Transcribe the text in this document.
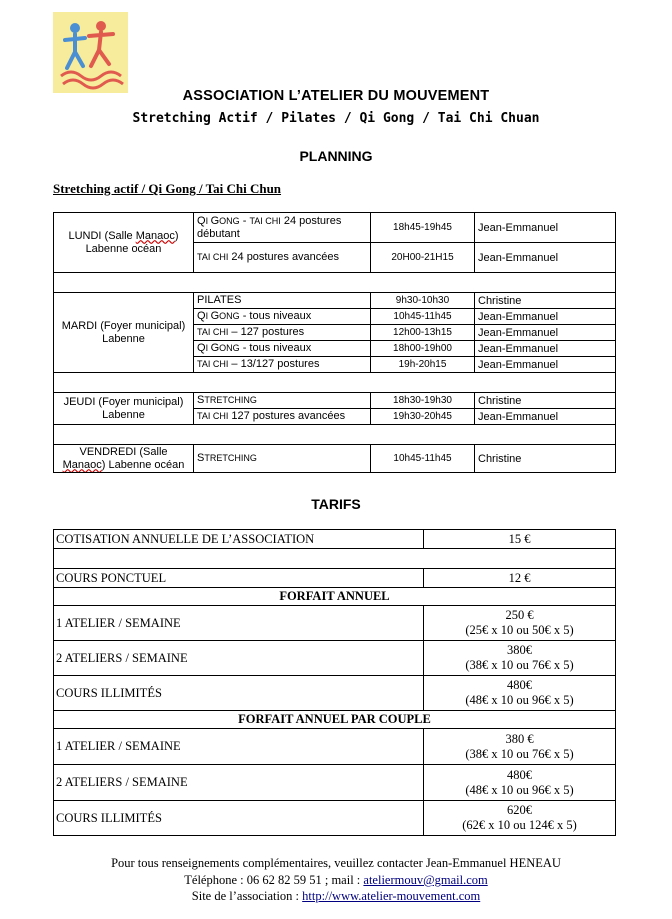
ASSOCIATION L’ATELIER DU MOUVEMENT
Stretching Actif / Pilates / Qi Gong / Tai Chi Chuan
PLANNING
Stretching actif / Qi Gong / Tai Chi Chun
LUNDI (Salle Manaoc)
Labenne océan	QI GONG - TAI CHI 24 postures débutant	18h45-19h45	Jean-Emmanuel
	TAI CHI 24 postures avancées	20H00-21H15	Jean-Emmanuel

MARDI (Foyer municipal)
Labenne	PILATES	9h30-10h30	Christine
	QI GONG - tous niveaux	10h45-11h45	Jean-Emmanuel
	TAI CHI – 127 postures	12h00-13h15	Jean-Emmanuel
	QI GONG - tous niveaux	18h00-19h00	Jean-Emmanuel
	TAI CHI – 13/127 postures	19h-20h15	Jean-Emmanuel

JEUDI (Foyer municipal)
Labenne	STRETCHING	18h30-19h30	Christine
	TAI CHI 127 postures avancées	19h30-20h45	Jean-Emmanuel

VENDREDI (Salle
Manaoc) Labenne océan	STRETCHING	10h45-11h45	Christine
TARIFS
COTISATION ANNUELLE DE L’ASSOCIATION	15 €

COURS PONCTUEL	12 €
FORFAIT ANNUEL	
1 ATELIER / SEMAINE	250 €
(25€ x 10 ou 50€ x 5)
2 ATELIERS / SEMAINE	380€
(38€ x 10 ou 76€ x 5)
COURS ILLIMITÉS	480€
(48€ x 10 ou 96€ x 5)
FORFAIT ANNUEL PAR COUPLE	
1 ATELIER / SEMAINE	380 €
(38€ x 10 ou 76€ x 5)
2 ATELIERS / SEMAINE	480€
(48€ x 10 ou 96€ x 5)
COURS ILLIMITÉS	620€
(62€ x 10 ou 124€ x 5)
Pour tous renseignements complémentaires, veuillez contacter Jean-Emmanuel HENEAU
Téléphone : 06 62 82 59 51 ; mail : ateliermouv@gmail.com
Site de l’association : http://www.atelier-mouvement.com
